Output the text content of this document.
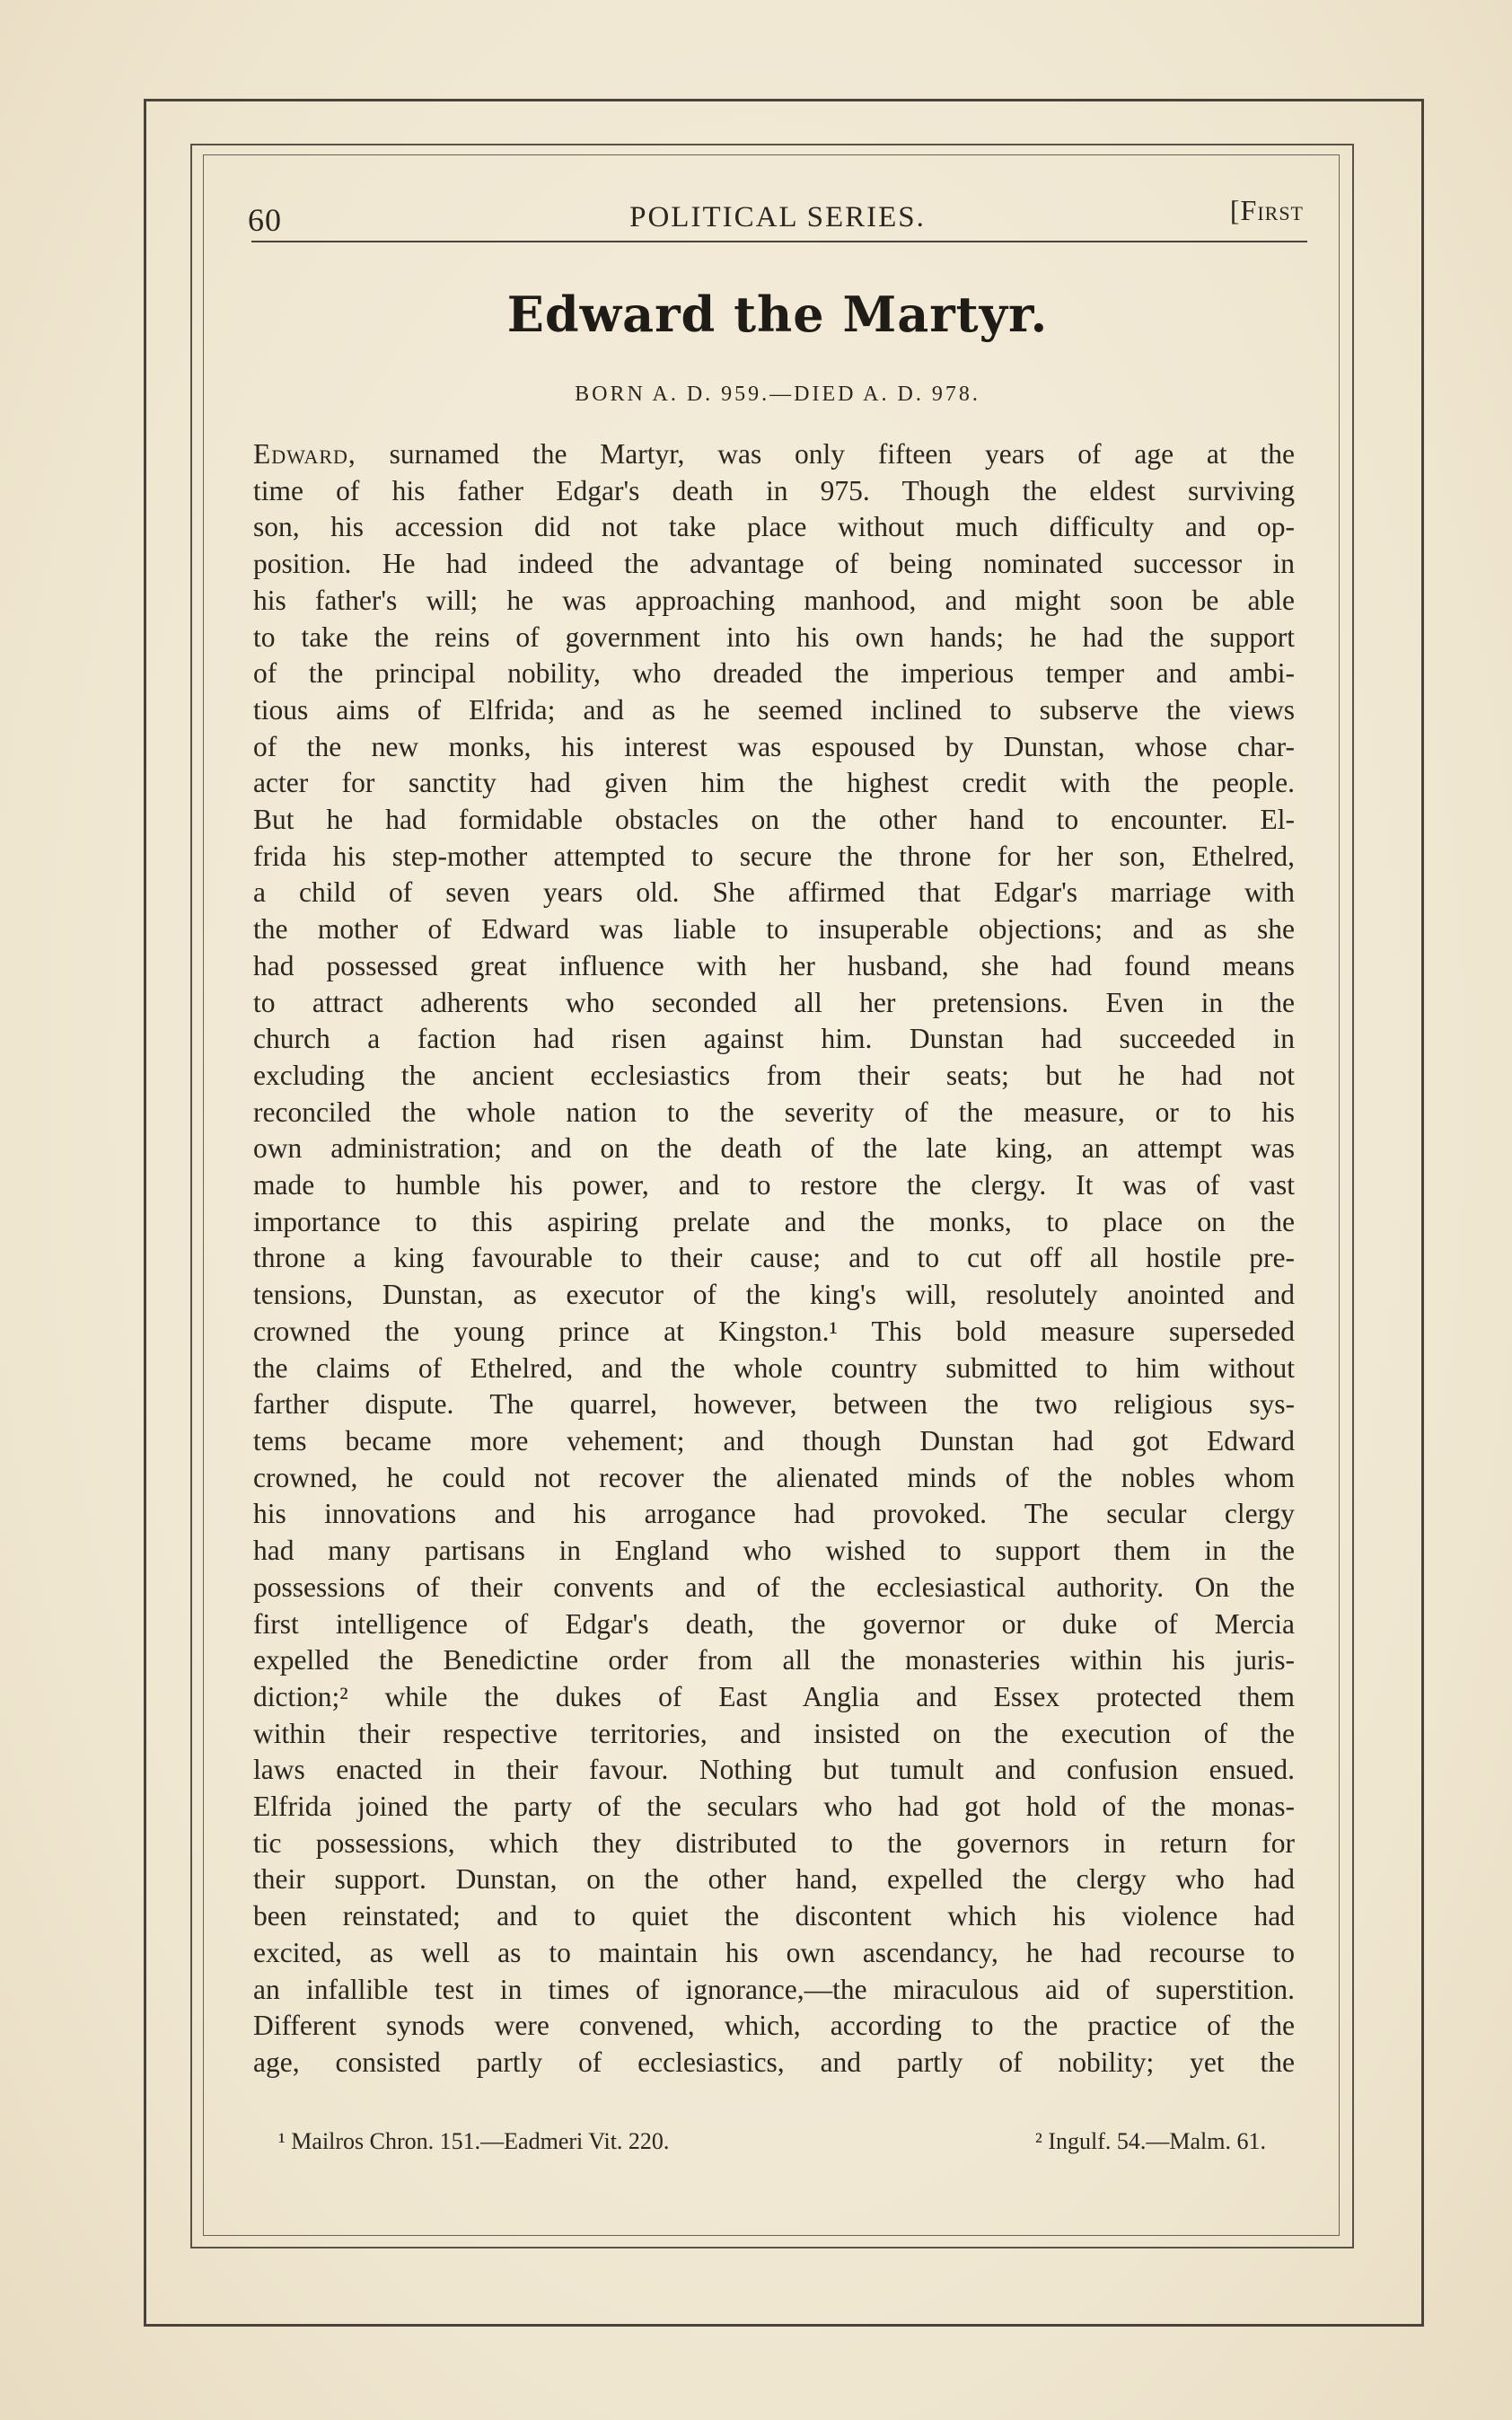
60	POLITICAL SERIES.	[First
Edward the Martyr.
BORN A. D. 959.—DIED A. D. 978.
Edward, surnamed the Martyr, was only fifteen years of age at the
time of his father Edgar's death in 975. Though the eldest surviving
son, his accession did not take place without much difficulty and op-
position. He had indeed the advantage of being nominated successor in
his father's will; he was approaching manhood, and might soon be able
to take the reins of government into his own hands; he had the support
of the principal nobility, who dreaded the imperious temper and ambi-
tious aims of Elfrida; and as he seemed inclined to subserve the views
of the new monks, his interest was espoused by Dunstan, whose char-
acter for sanctity had given him the highest credit with the people.
But he had formidable obstacles on the other hand to encounter. El-
frida his step-mother attempted to secure the throne for her son, Ethelred,
a child of seven years old. She affirmed that Edgar's marriage with
the mother of Edward was liable to insuperable objections; and as she
had possessed great influence with her husband, she had found means
to attract adherents who seconded all her pretensions. Even in the
church a faction had risen against him. Dunstan had succeeded in
excluding the ancient ecclesiastics from their seats; but he had not
reconciled the whole nation to the severity of the measure, or to his
own administration; and on the death of the late king, an attempt was
made to humble his power, and to restore the clergy. It was of vast
importance to this aspiring prelate and the monks, to place on the
throne a king favourable to their cause; and to cut off all hostile pre-
tensions, Dunstan, as executor of the king's will, resolutely anointed and
crowned the young prince at Kingston.¹ This bold measure superseded
the claims of Ethelred, and the whole country submitted to him without
farther dispute. The quarrel, however, between the two religious sys-
tems became more vehement; and though Dunstan had got Edward
crowned, he could not recover the alienated minds of the nobles whom
his innovations and his arrogance had provoked. The secular clergy
had many partisans in England who wished to support them in the
possessions of their convents and of the ecclesiastical authority. On the
first intelligence of Edgar's death, the governor or duke of Mercia
expelled the Benedictine order from all the monasteries within his juris-
diction;² while the dukes of East Anglia and Essex protected them
within their respective territories, and insisted on the execution of the
laws enacted in their favour. Nothing but tumult and confusion ensued.
Elfrida joined the party of the seculars who had got hold of the monas-
tic possessions, which they distributed to the governors in return for
their support. Dunstan, on the other hand, expelled the clergy who had
been reinstated; and to quiet the discontent which his violence had
excited, as well as to maintain his own ascendancy, he had recourse to
an infallible test in times of ignorance,—the miraculous aid of superstition.
Different synods were convened, which, according to the practice of the
age, consisted partly of ecclesiastics, and partly of nobility; yet the
¹ Mailros Chron. 151.—Eadmeri Vit. 220.	² Ingulf. 54.—Malm. 61.
